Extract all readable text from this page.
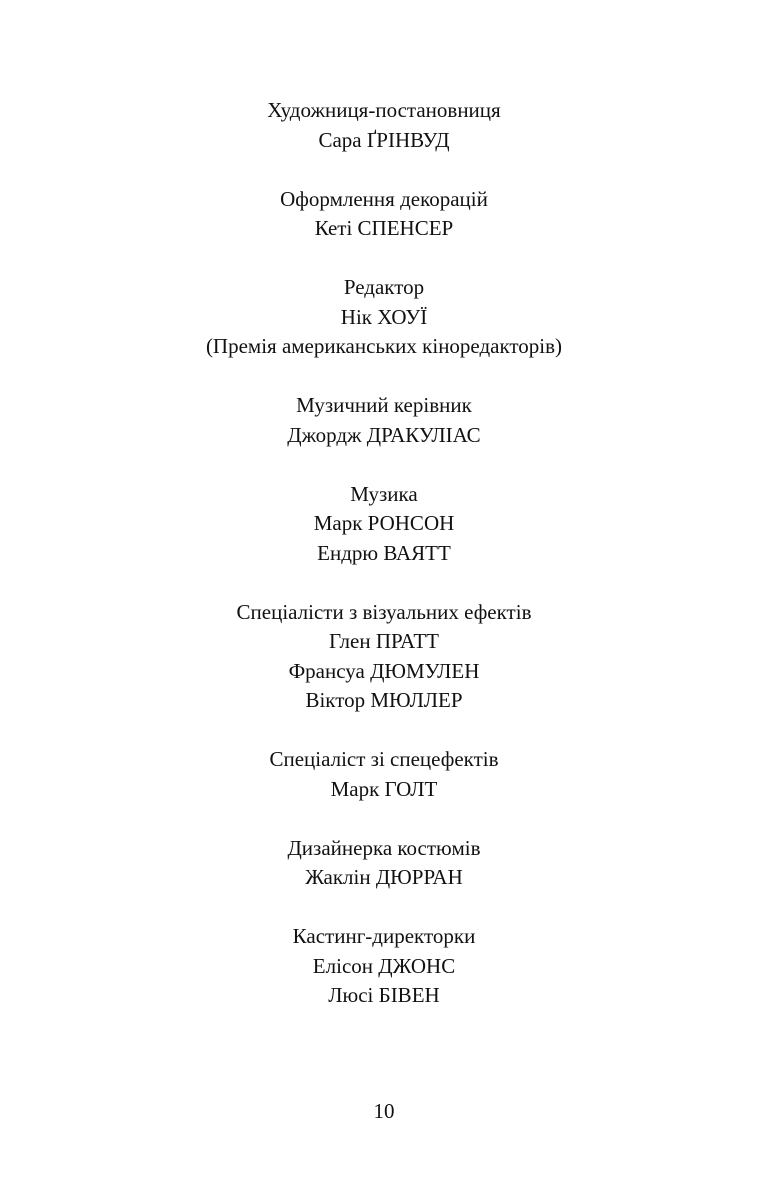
Художниця-постановниця
Сара ҐРІНВУД
Оформлення декорацій
Кеті СПЕНСЕР
Редактор
Нік ХОУЇ
(Премія американських кінoредакторів)
Музичний керівник
Джордж ДРАКУЛІАС
Музика
Марк РОНСОН
Ендрю ВАЯТТ
Спеціалісти з візуальних ефектів
Глен ПРАТТ
Франсуа ДЮМУЛЕН
Віктор МЮЛЛЕР
Спеціаліст зі спецефектів
Марк ГОЛТ
Дизайнерка костюмів
Жаклін ДЮРРАН
Кастинг-директорки
Елісон ДЖОНС
Люсі БІВЕН
10
